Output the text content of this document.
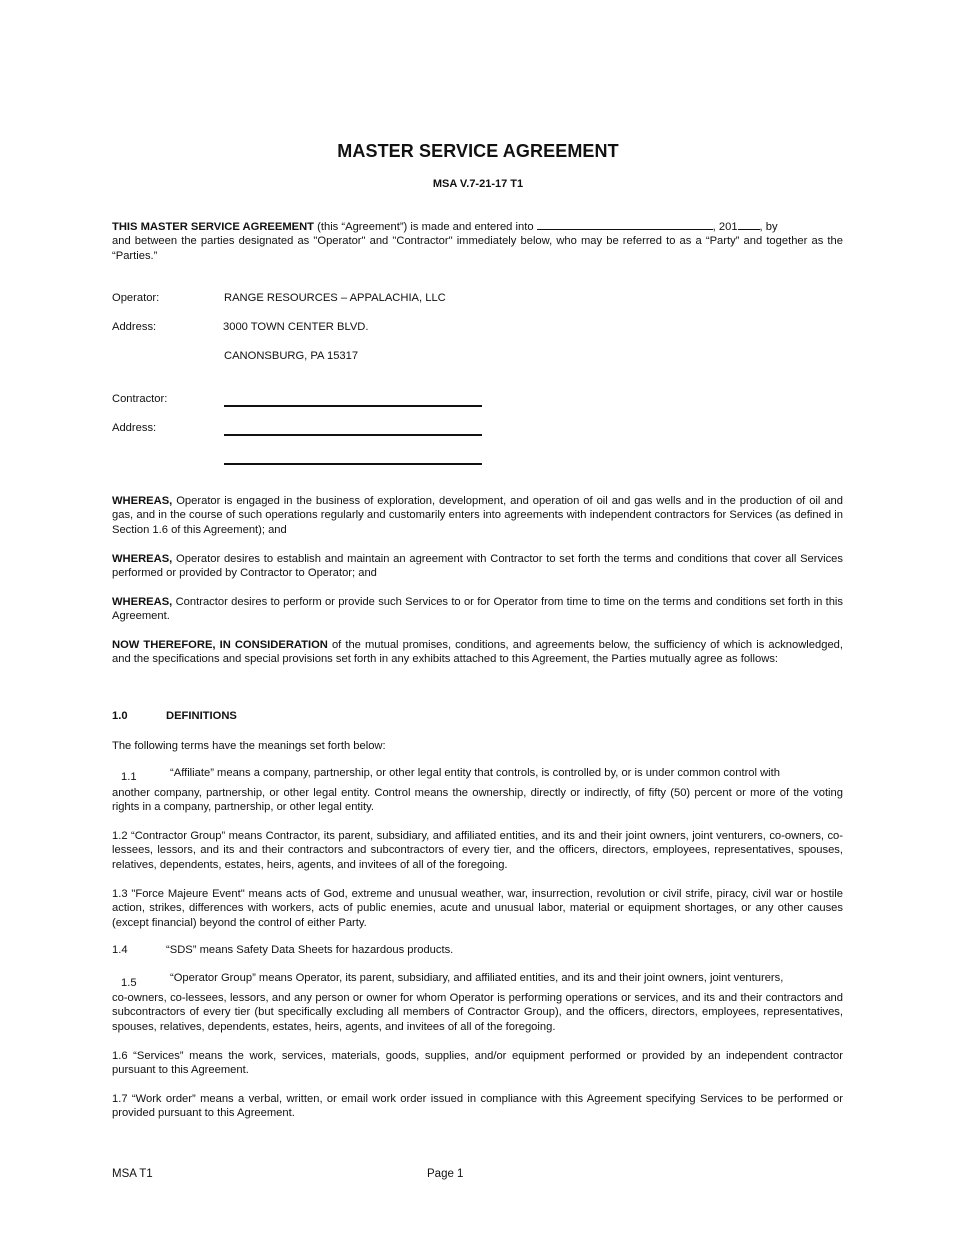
MASTER SERVICE AGREEMENT
MSA V.7-21-17 T1
THIS MASTER SERVICE AGREEMENT (this “Agreement”) is made and entered into	, 201 , by
and between the parties designated as "Operator" and "Contractor" immediately below, who may be referred to as a “Party” and together as the “Parties.”
Operator:	RANGE RESOURCES – APPALACHIA, LLC
Address:	3000 TOWN CENTER BLVD.
CANONSBURG, PA 15317
Contractor:
Address:
WHEREAS, Operator is engaged in the business of exploration, development, and operation of oil and gas wells and in the production of oil and gas, and in the course of such operations regularly and customarily enters into agreements with independent contractors for Services (as defined in Section 1.6 of this Agreement); and
WHEREAS, Operator desires to establish and maintain an agreement with Contractor to set forth the terms and conditions that cover all Services performed or provided by Contractor to Operator; and
WHEREAS, Contractor desires to perform or provide such Services to or for Operator from time to time on the terms and conditions set forth in this Agreement.
NOW THEREFORE, IN CONSIDERATION of the mutual promises, conditions, and agreements below, the sufficiency of which is acknowledged, and the specifications and special provisions set forth in any exhibits attached to this Agreement, the Parties mutually agree as follows:
1.0	DEFINITIONS
The following terms have the meanings set forth below:
1.1	“Affiliate” means a company, partnership, or other legal entity that controls, is controlled by, or is under common control with
another company, partnership, or other legal entity. Control means the ownership, directly or indirectly, of fifty (50) percent or more of the voting rights in a company, partnership, or other legal entity.
1.2 “Contractor Group” means Contractor, its parent, subsidiary, and affiliated entities, and its and their joint owners, joint venturers, co-owners, co-lessees, lessors, and its and their contractors and subcontractors of every tier, and the officers, directors, employees, representatives, spouses, relatives, dependents, estates, heirs, agents, and invitees of all of the foregoing.
1.3 "Force Majeure Event" means acts of God, extreme and unusual weather, war, insurrection, revolution or civil strife, piracy, civil war or hostile action, strikes, differences with workers, acts of public enemies, acute and unusual labor, material or equipment shortages, or any other causes (except financial) beyond the control of either Party.
1.4	“SDS” means Safety Data Sheets for hazardous products.
1.5	“Operator Group” means Operator, its parent, subsidiary, and affiliated entities, and its and their joint owners, joint venturers,
co-owners, co-lessees, lessors, and any person or owner for whom Operator is performing operations or services, and its and their contractors and subcontractors of every tier (but specifically excluding all members of Contractor Group), and the officers, directors, employees, representatives, spouses, relatives, dependents, estates, heirs, agents, and invitees of all of the foregoing.
1.6 “Services” means the work, services, materials, goods, supplies, and/or equipment performed or provided by an independent contractor pursuant to this Agreement.
1.7 “Work order” means a verbal, written, or email work order issued in compliance with this Agreement specifying Services to be performed or provided pursuant to this Agreement.
MSA T1	Page 1
